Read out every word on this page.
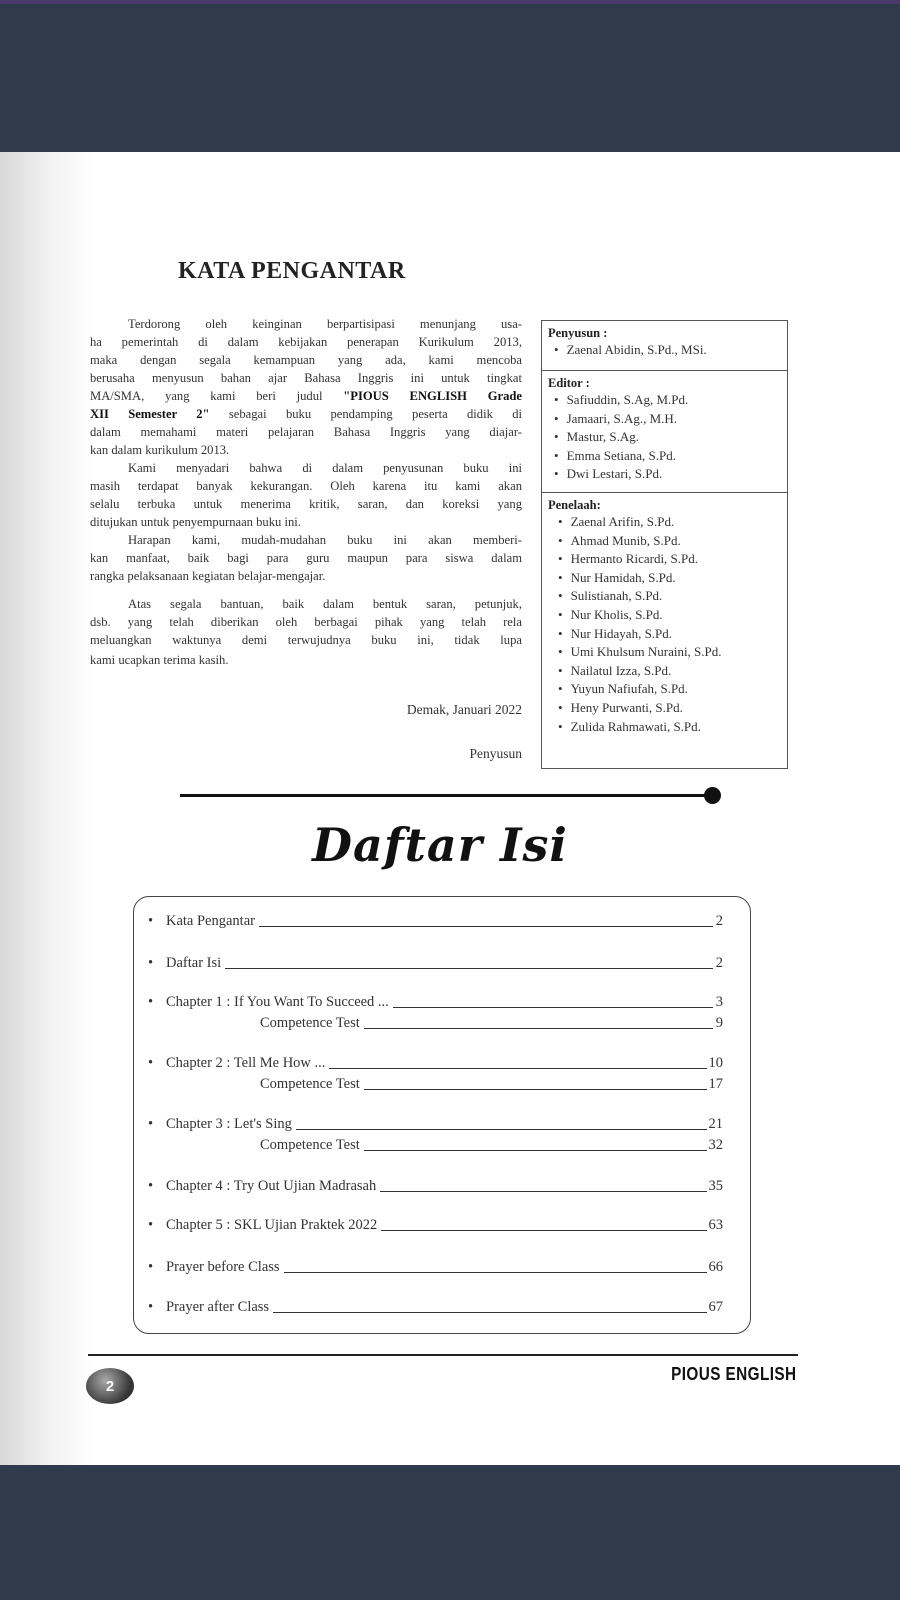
KATA PENGANTAR
Terdorong oleh keinginan berpartisipasi menunjang usa-
ha pemerintah di dalam kebijakan penerapan Kurikulum 2013,
maka dengan segala kemampuan yang ada, kami mencoba
berusaha menyusun bahan ajar Bahasa Inggris ini untuk tingkat
MA/SMA, yang kami beri judul "PIOUS ENGLISH Grade
XII Semester 2" sebagai buku pendamping peserta didik di
dalam memahami materi pelajaran Bahasa Inggris yang diajar-
kan dalam kurikulum 2013.
Kami menyadari bahwa di dalam penyusunan buku ini
masih terdapat banyak kekurangan. Oleh karena itu kami akan
selalu terbuka untuk menerima kritik, saran, dan koreksi yang
ditujukan untuk penyempurnaan buku ini.
Harapan kami, mudah-mudahan buku ini akan memberi-
kan manfaat, baik bagi para guru maupun para siswa dalam
rangka pelaksanaan kegiatan belajar-mengajar.
Atas segala bantuan, baik dalam bentuk saran, petunjuk,
dsb. yang telah diberikan oleh berbagai pihak yang telah rela
meluangkan waktunya demi terwujudnya buku ini, tidak lupa
kami ucapkan terima kasih.
Demak, Januari 2022
Penyusun
Penyusun :
• Zaenal Abidin, S.Pd., MSi.
Editor :
• Safiuddin, S.Ag, M.Pd.
• Jamaari, S.Ag., M.H.
• Mastur, S.Ag.
• Emma Setiana, S.Pd.
• Dwi Lestari, S.Pd.
Penelaah:
• Zaenal Arifin, S.Pd.
• Ahmad Munib, S.Pd.
• Hermanto Ricardi, S.Pd.
• Nur Hamidah, S.Pd.
• Sulistianah, S.Pd.
• Nur Kholis, S.Pd.
• Nur Hidayah, S.Pd.
• Umi Khulsum Nuraini, S.Pd.
• Nailatul Izza, S.Pd.
• Yuyun Nafiufah, S.Pd.
• Heny Purwanti, S.Pd.
• Zulida Rahmawati, S.Pd.
Daftar Isi
• Kata Pengantar	2
• Daftar Isi	2
• Chapter 1 : If You Want To Succeed ...	3
Competence Test	9
• Chapter 2 : Tell Me How ...	10
Competence Test	17
• Chapter 3 : Let's Sing	21
Competence Test	32
• Chapter 4 : Try Out Ujian Madrasah	35
• Chapter 5 : SKL Ujian Praktek 2022	63
• Prayer before Class	66
• Prayer after Class	67
2
PIOUS ENGLISH
